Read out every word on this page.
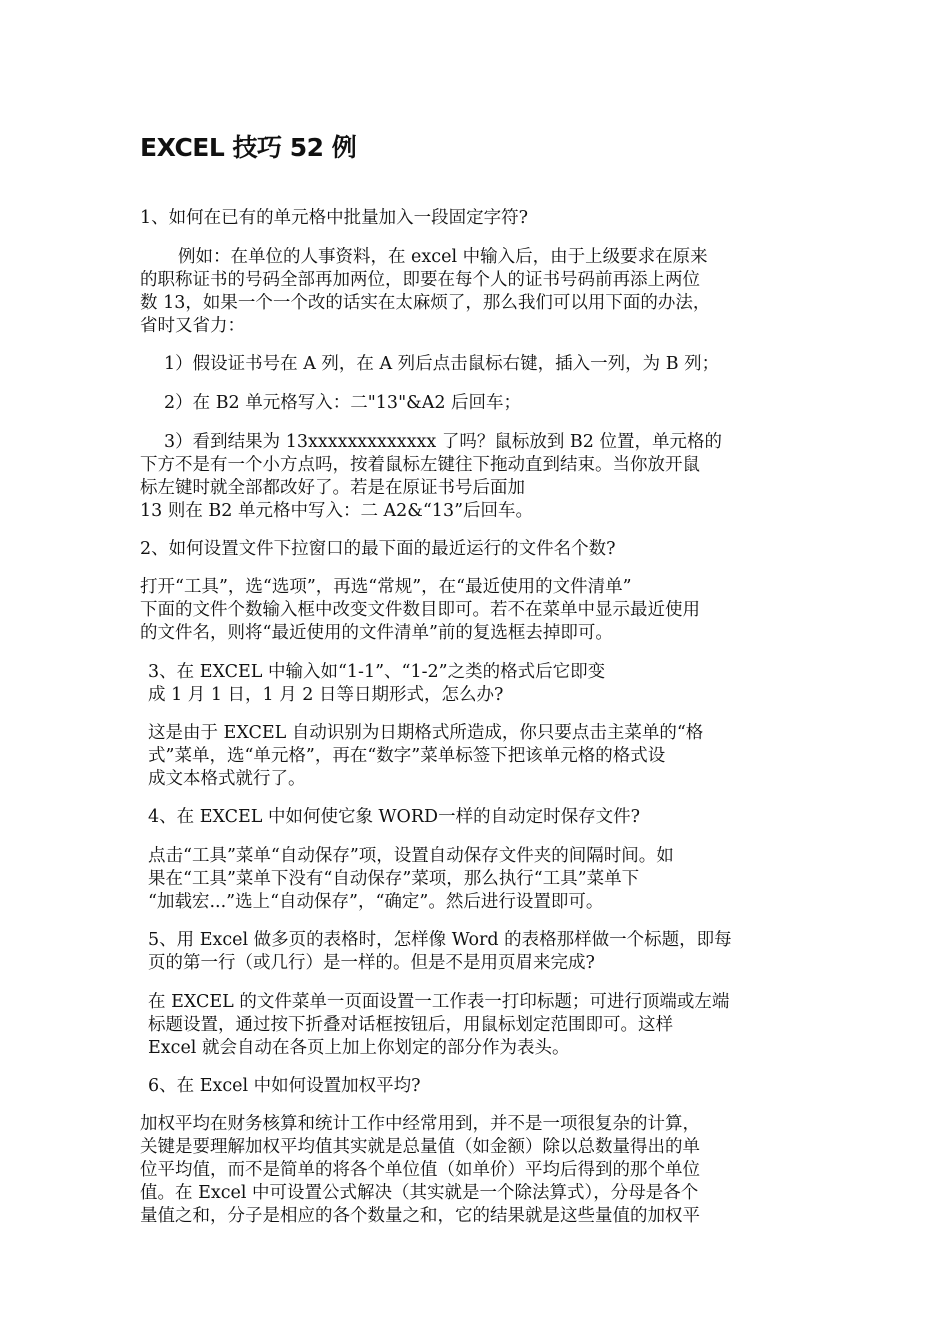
EXCEL 技巧 52 例
1、如何在已有的单元格中批量加入一段固定字符?
例如：在单位的人事资料，在 excel 中输入后，由于上级要求在原来
的职称证书的号码全部再加两位，即要在每个人的证书号码前再添上两位
数 13，如果一个一个改的话实在太麻烦了，那么我们可以用下面的办法，
省时又省力：
1）假设证书号在 A 列，在 A 列后点击鼠标右键，插入一列，为 B 列；
2）在 B2 单元格写入：二"13"&A2 后回车；
3）看到结果为 13xxxxxxxxxxxxx 了吗？鼠标放到 B2 位置，单元格的
下方不是有一个小方点吗，按着鼠标左键往下拖动直到结束。当你放开鼠
标左键时就全部都改好了。若是在原证书号后面加
13 则在 B2 单元格中写入：二 A2&“13”后回车。
2、如何设置文件下拉窗口的最下面的最近运行的文件名个数?
打开“工具”，选“选项”，再选“常规”，在“最近使用的文件清单”
下面的文件个数输入框中改变文件数目即可。若不在菜单中显示最近使用
的文件名，则将“最近使用的文件清单”前的复选框去掉即可。
3、在 EXCEL 中输入如“1-1”、“1-2”之类的格式后它即变
成 1 月 1 日，1 月 2 日等日期形式，怎么办?
这是由于 EXCEL 自动识别为日期格式所造成，你只要点击主菜单的“格
式”菜单，选“单元格”，再在“数字”菜单标签下把该单元格的格式设
成文本格式就行了。
4、在 EXCEL 中如何使它象 WORD一样的自动定时保存文件?
点击“工具”菜单“自动保存”项，设置自动保存文件夹的间隔时间。如
果在“工具”菜单下没有“自动保存”菜项，那么执行“工具”菜单下
“加载宏...”选上“自动保存”，“确定”。然后进行设置即可。
5、用 Excel 做多页的表格时，怎样像 Word 的表格那样做一个标题，即每
页的第一行（或几行）是一样的。但是不是用页眉来完成?
在 EXCEL 的文件菜单一页面设置一工作表一打印标题；可进行顶端或左端
标题设置，通过按下折叠对话框按钮后，用鼠标划定范围即可。这样
Excel 就会自动在各页上加上你划定的部分作为表头。
6、在 Excel 中如何设置加权平均?
加权平均在财务核算和统计工作中经常用到，并不是一项很复杂的计算，
关键是要理解加权平均值其实就是总量值（如金额）除以总数量得出的单
位平均值，而不是简单的将各个单位值（如单价）平均后得到的那个单位
值。在 Excel 中可设置公式解决（其实就是一个除法算式），分母是各个
量值之和，分子是相应的各个数量之和，它的结果就是这些量值的加权平
